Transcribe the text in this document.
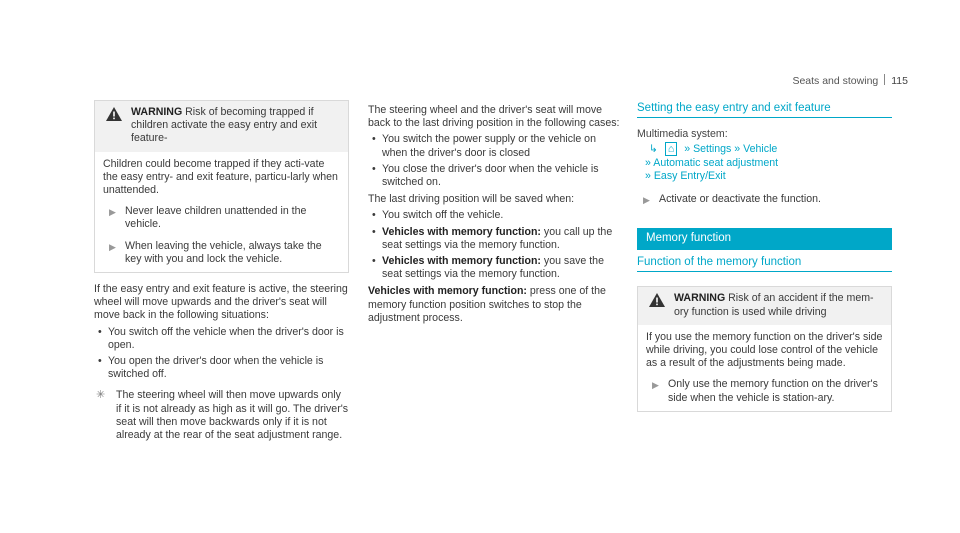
Seats and stowing 115
WARNING Risk of becoming trapped if children activate the easy entry and exit feature-

Children could become trapped if they acti-vate the easy entry- and exit feature, particu-larly when unattended.

▶ Never leave children unattended in the vehicle.
▶ When leaving the vehicle, always take the key with you and lock the vehicle.

If the easy entry and exit feature is active, the steering wheel will move upwards and the driver's seat will move back in the following situations:

• You switch off the vehicle when the driver's door is open.
• You open the driver's door when the vehicle is switched off.
✳ The steering wheel will then move upwards only if it is not already as high as it will go. The driver's seat will then move backwards only if it is not already at the rear of the seat adjustment range.

The steering wheel and the driver's seat will move back to the last driving position in the following cases:

• You switch the power supply or the vehicle on when the driver's door is closed
• You close the driver's door when the vehicle is switched on.

The last driving position will be saved when:

• You switch off the vehicle.
• Vehicles with memory function: you call up the seat settings via the memory function.
• Vehicles with memory function: you save the seat settings via the memory function.

Vehicles with memory function: press one of the memory function position switches to stop the adjustment process.

Setting the easy entry and exit feature

Multimedia system:

↳ ⌂ » Settings » Vehicle
» Automatic seat adjustment
» Easy Entry/Exit
▶ Activate or deactivate the function.
Memory function
Function of the memory function
WARNING Risk of an accident if the mem-ory function is used while driving

If you use the memory function on the driver's side while driving, you could lose control of the vehicle as a result of the adjustments being made.

▶ Only use the memory function on the driver's side when the vehicle is station-ary.
